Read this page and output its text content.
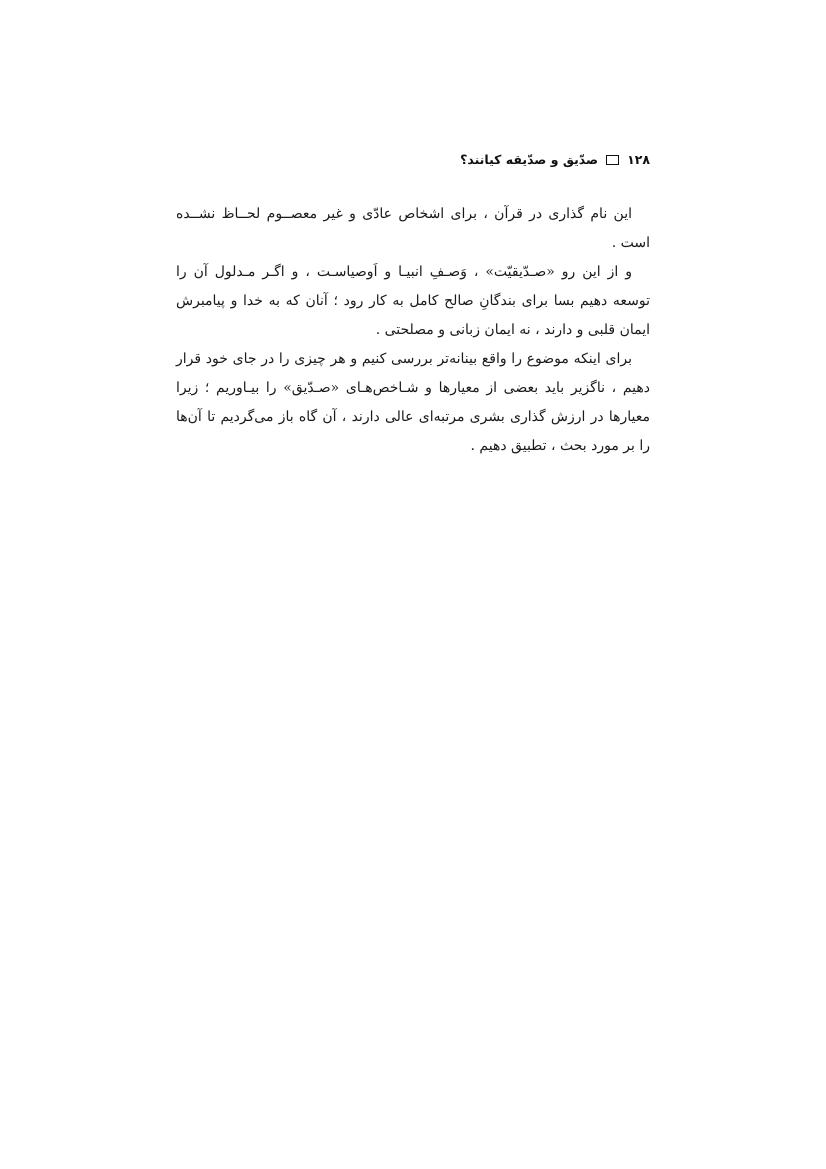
۱۲۸
صدّیق و صدّیقه کیانند؟

این نام گذاری در قرآن ، برای اشخاص عادّی و غیر معصــوم لحــاظ نشــده است .

و از این رو «صـدّیقیّت» ، وَصـفِ انبیـا و اَوصیاسـت ، و اگـر مـدلول آن را توسعه دهیم بسا برای بندگانِ صالح کامل به کار رود ؛ آنان که به خدا و پیامبرش ایمان قلبی و دارند ، نه ایمان زبانی و مصلحتی .

برای اینکه موضوع را واقع بینانه‌تر بررسی کنیم و هر چیزی را در جای خود قرار دهیم ، ناگزیر باید بعضی از معیارها و شـاخص‌هـای «صـدّیق» را بیـاوریم ؛ زیرا معیارها در ارزش گذاری بشری مرتبه‌ای عالی دارند ، آن گاه باز می‌گردیم تا آن‌ها را بر مورد بحث ، تطبیق دهیم .
